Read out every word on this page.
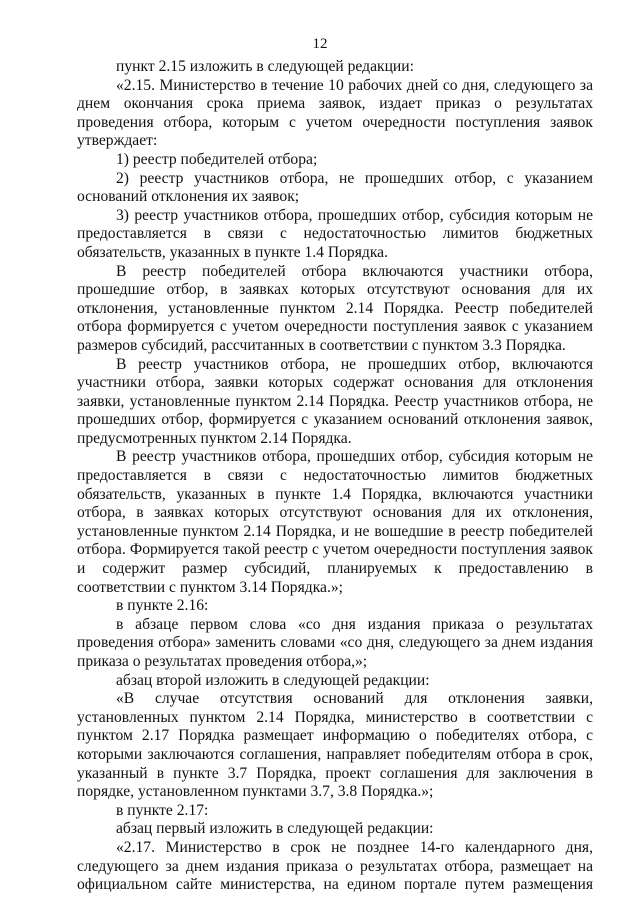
12

пункт 2.15 изложить в следующей редакции:

«2.15. Министерство в течение 10 рабочих дней со дня, следующего за днем окончания срока приема заявок, издает приказ о результатах проведения отбора, которым с учетом очередности поступления заявок утверждает:

1) реестр победителей отбора;

2) реестр участников отбора, не прошедших отбор, с указанием оснований отклонения их заявок;

3) реестр участников отбора, прошедших отбор, субсидия которым не предоставляется в связи с недостаточностью лимитов бюджетных обязательств, указанных в пункте 1.4 Порядка.

В реестр победителей отбора включаются участники отбора, прошедшие отбор, в заявках которых отсутствуют основания для их отклонения, установленные пунктом 2.14 Порядка. Реестр победителей отбора формируется с учетом очередности поступления заявок с указанием размеров субсидий, рассчитанных в соответствии с пунктом 3.3 Порядка.

В реестр участников отбора, не прошедших отбор, включаются участники отбора, заявки которых содержат основания для отклонения заявки, установленные пунктом 2.14 Порядка. Реестр участников отбора, не прошедших отбор, формируется с указанием оснований отклонения заявок, предусмотренных пунктом 2.14 Порядка.

В реестр участников отбора, прошедших отбор, субсидия которым не предоставляется в связи с недостаточностью лимитов бюджетных обязательств, указанных в пункте 1.4 Порядка, включаются участники отбора, в заявках которых отсутствуют основания для их отклонения, установленные пунктом 2.14 Порядка, и не вошедшие в реестр победителей отбора. Формируется такой реестр с учетом очередности поступления заявок и содержит размер субсидий, планируемых к предоставлению в соответствии с пунктом 3.14 Порядка.»;

в пункте 2.16:

в абзаце первом слова «со дня издания приказа о результатах проведения отбора» заменить словами «со дня, следующего за днем издания приказа о результатах проведения отбора,»;

абзац второй изложить в следующей редакции:

«В случае отсутствия оснований для отклонения заявки, установленных пунктом 2.14 Порядка, министерство в соответствии с пунктом 2.17 Порядка размещает информацию о победителях отбора, с которыми заключаются соглашения, направляет победителям отбора в срок, указанный в пункте 3.7 Порядка, проект соглашения для заключения в порядке, установленном пунктами 3.7, 3.8 Порядка.»;

в пункте 2.17:

абзац первый изложить в следующей редакции:

«2.17. Министерство в срок не позднее 14-го календарного дня, следующего за днем издания приказа о результатах отбора, размещает на официальном сайте министерства, на едином портале путем размещения
